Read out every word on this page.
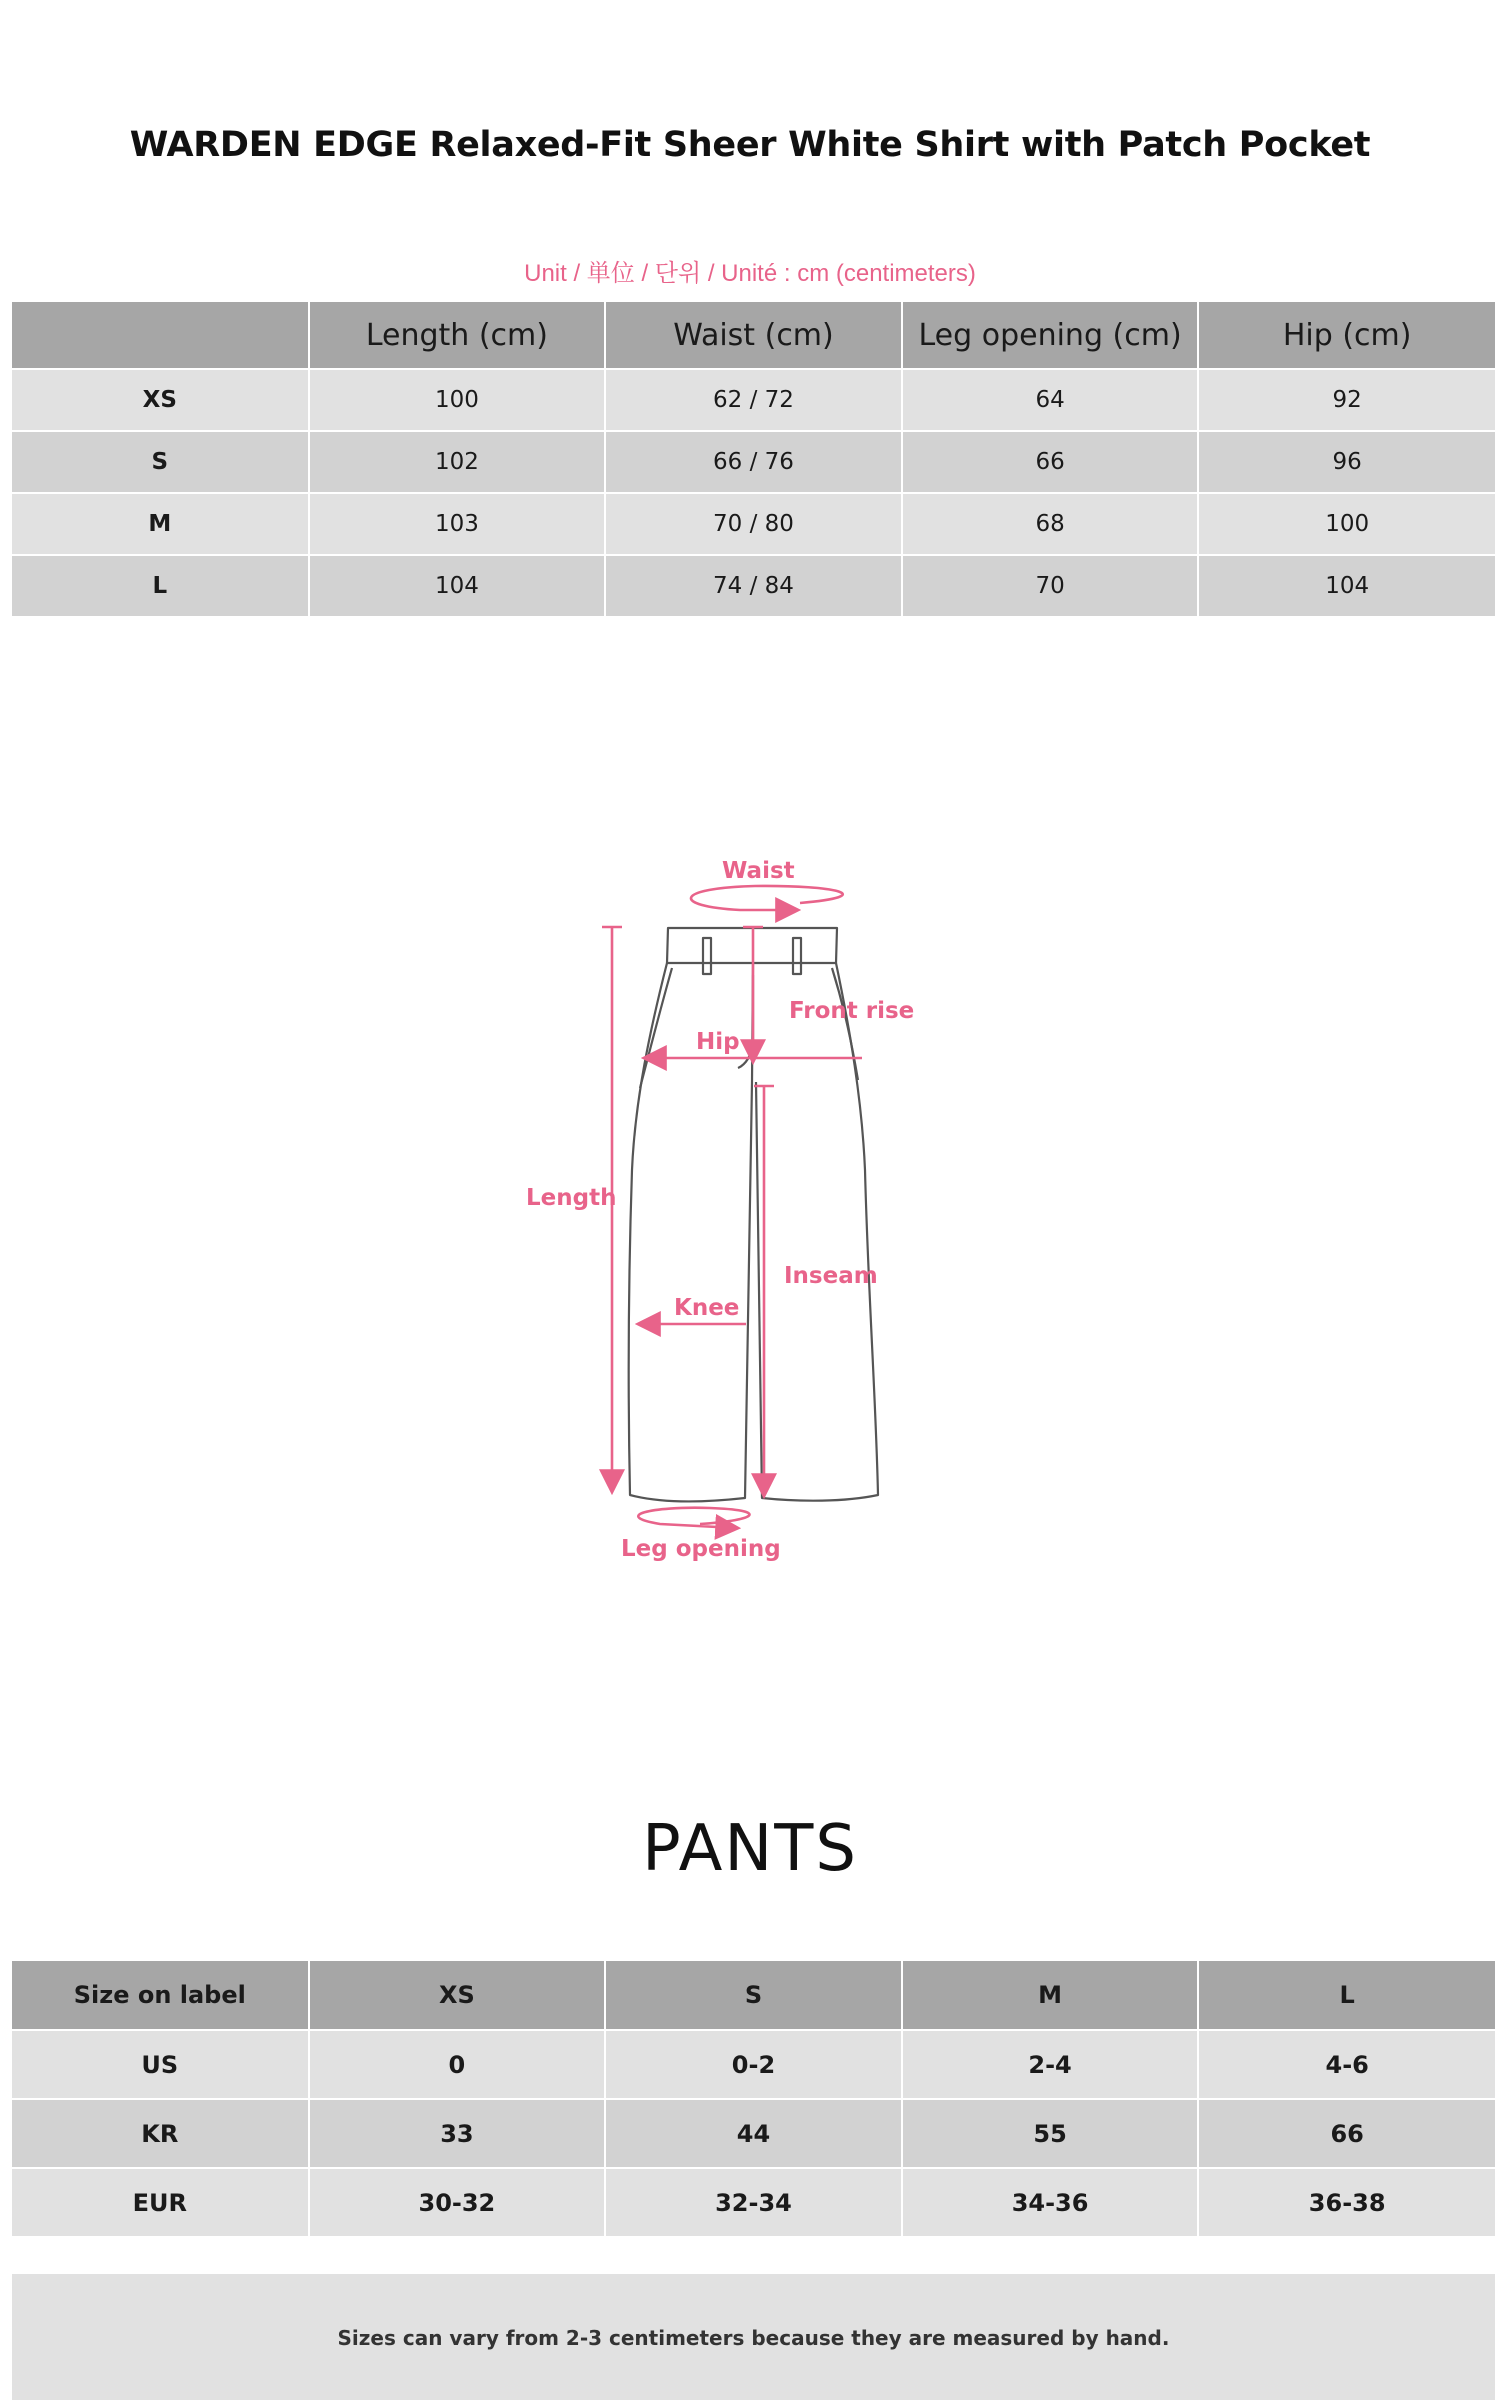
WARDEN EDGE Relaxed-Fit Sheer White Shirt with Patch Pocket
Unit / 単位 / 단위 / Unité : cm (centimeters)
	Length (cm)	Waist (cm)	Leg opening (cm)	Hip (cm)
XS	100	62 / 72	64	92
S	102	66 / 76	66	96
M	103	70 / 80	68	100
L	104	74 / 84	70	104
Waist
Front rise
Hip
Length
Inseam
Knee
Leg opening
PANTS
Size on label	XS	S	M	L
US	0	0-2	2-4	4-6
KR	33	44	55	66
EUR	30-32	32-34	34-36	36-38
Sizes can vary from 2-3 centimeters because they are measured by hand.
